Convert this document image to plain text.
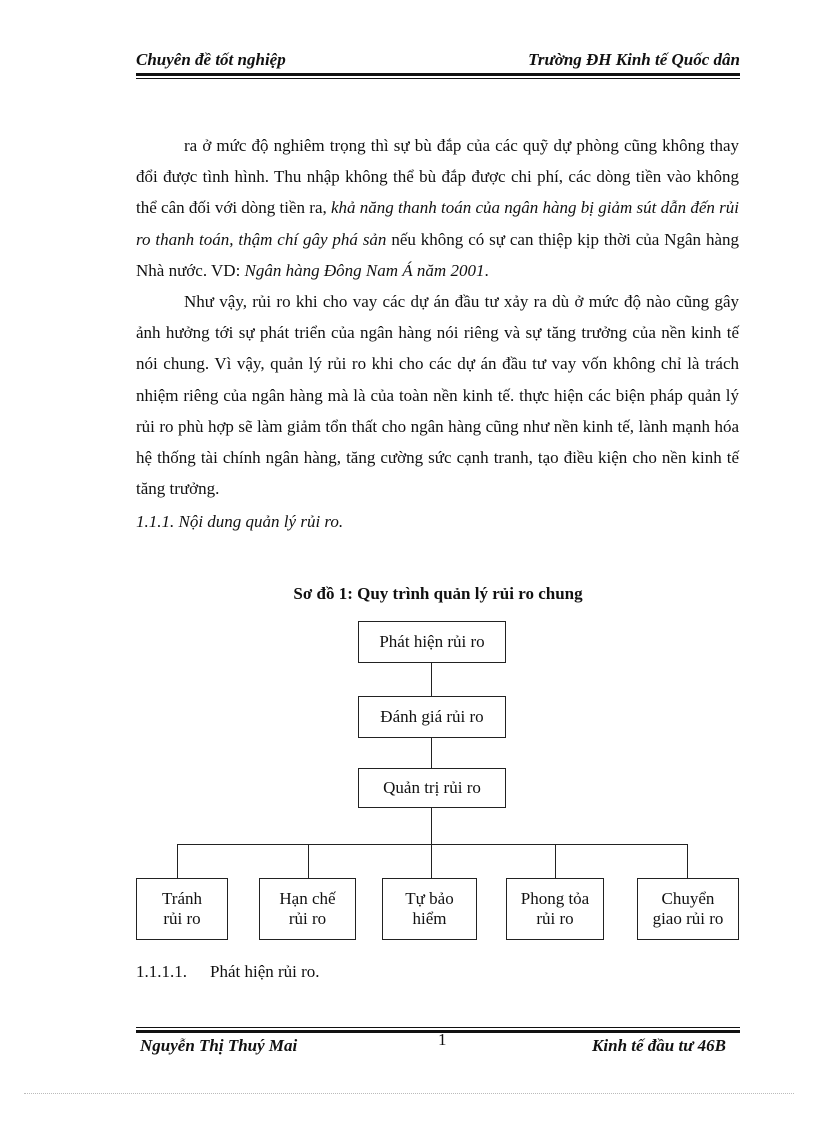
Chuyên đề tốt nghiệp	Trường ĐH Kinh tế Quốc dân

ra ở mức độ nghiêm trọng thì sự bù đắp của các quỹ dự phòng cũng không thay đổi được tình hình. Thu nhập không thể bù đắp được chi phí, các dòng tiền vào không thể cân đối với dòng tiền ra, khả năng thanh toán của ngân hàng bị giảm sút dẫn đến rủi ro thanh toán, thậm chí gây phá sản nếu không có sự can thiệp kịp thời của Ngân hàng Nhà nước. VD: Ngân hàng Đông Nam Á năm 2001.

Như vậy, rủi ro khi cho vay các dự án đầu tư xảy ra dù ở mức độ nào cũng gây ảnh hưởng tới sự phát triển của ngân hàng nói riêng và sự tăng trưởng của nền kinh tế nói chung. Vì vậy, quản lý rủi ro khi cho các dự án đầu tư vay vốn không chỉ là trách nhiệm riêng của ngân hàng mà là của toàn nền kinh tế. thực hiện các biện pháp quản lý rủi ro phù hợp sẽ làm giảm tổn thất cho ngân hàng cũng như nền kinh tế, lành mạnh hóa hệ thống tài chính ngân hàng, tăng cường sức cạnh tranh, tạo điều kiện cho nền kinh tế tăng trưởng.

1.1.1. Nội dung quản lý rủi ro.

Sơ đồ 1: Quy trình quản lý rủi ro chung
Phát hiện rủi ro
Đánh giá rủi ro
Quản trị rủi ro
Tránh
rủi ro
Hạn chế
rủi ro
Tự bảo
hiểm
Phong tỏa
rủi ro
Chuyển
giao rủi ro
1.1.1.1. Phát hiện rủi ro.
Nguyễn Thị Thuý Mai	1	Kinh tế đầu tư 46B
